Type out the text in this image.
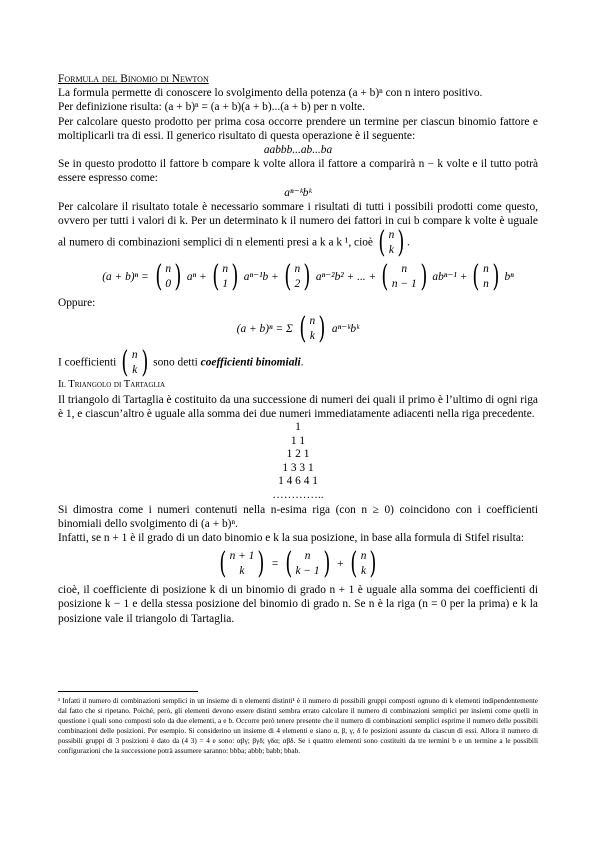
Formula del Binomio di Newton

La formula permette di conoscere lo svolgimento della potenza (a + b)ⁿ con n intero positivo.

Per definizione risulta: (a + b)ⁿ = (a + b)(a + b)...(a + b) per n volte.

Per calcolare questo prodotto per prima cosa occorre prendere un termine per ciascun binomio fattore e moltiplicarli tra di essi. Il generico risultato di questa operazione è il seguente:

aabbb...ab...ba

Se in questo prodotto il fattore b compare k volte allora il fattore a comparirà n − k volte e il tutto potrà essere espresso come:

aⁿ⁻ᵏbᵏ

Per calcolare il risultato totale è necessario sommare i risultati di tutti i possibili prodotti come questo, ovvero per tutti i valori di k. Per un determinato k il numero dei fattori in cui b compare k volte è uguale al numero di combinazioni semplici di n elementi presi a k a k ¹, cioè ( n
k ) .

(a + b)ⁿ = ( n
0 ) aⁿ + ( n
1 ) aⁿ⁻¹b + ( n
2 ) aⁿ⁻²b² + ... + (	n
n − 1 ) abⁿ⁻¹ + ( n
n ) bⁿ

Oppure:

(a + b)ⁿ = Σ ( n
k ) aⁿ⁻ᵏbᵏ

I coefficienti ( n
k ) sono detti coefficienti binomiali.

Il Triangolo di Tartaglia

Il triangolo di Tartaglia è costituito da una successione di numeri dei quali il primo è l’ultimo di ogni riga è 1, e ciascun’altro è uguale alla somma dei due numeri immediatamente adiacenti nella riga precedente.

1
1 1
1 2 1
1 3 3 1
1 4 6 4 1
…………..

Si dimostra come i numeri contenuti nella n-esima riga (con n ≥ 0) coincidono con i coefficienti binomiali dello svolgimento di (a + b)ⁿ.

Infatti, se n + 1 è il grado di un dato binomio e k la sua posizione, in base alla formula di Stifel risulta:

( n + 1
k ) = (	n
k − 1 ) + ( n
k )

cioè, il coefficiente di posizione k di un binomio di grado n + 1 è uguale alla somma dei coefficienti di posizione k − 1 e della stessa posizione del binomio di grado n. Se n è la riga (n = 0 per la prima) e k la posizione vale il triangolo di Tartaglia.

¹ Infatti il numero di combinazioni semplici in un insieme di n elementi distinti¹ è il numero di possibili gruppi composti ognuno di k elementi indipendentemente dal fatto che si ripetano. Poiché, però, gli elementi devono essere distinti sembra errato calcolare il numero di combinazioni semplici per insiemi come quelli in questione i quali sono composti solo da due elementi, a e b. Occorre però tenere presente che il numero di combinazioni semplici esprime il numero delle possibili combinazioni delle posizioni. Per esempio. Si considerino un insieme di 4 elementi e siano α, β, γ, δ le posizioni assunte da ciascun di essi. Allora il numero di possibili gruppi di 3 posizioni è dato da (4 3) = 4 e sono: αβγ; βγδ; γδα; αβδ. Se i quattro elementi sono costituiti da tre termini b e un termine a le possibili configurazioni che la successione potrà assumere saranno: bbba; abbb; babb; bbab.
